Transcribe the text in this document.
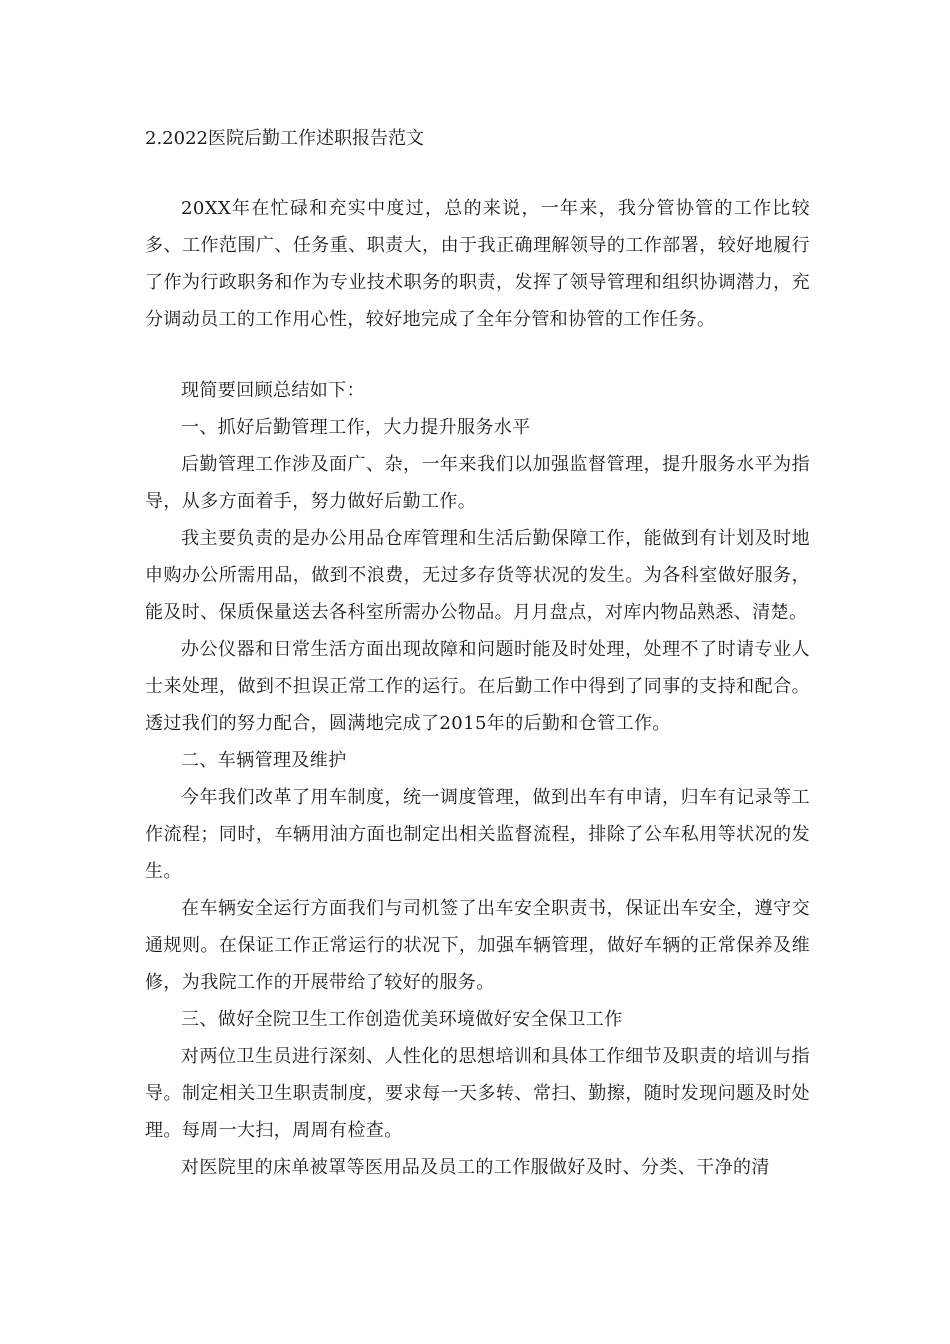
2.2022医院后勤工作述职报告范文

20XX年在忙碌和充实中度过，总的来说，一年来，我分管协管的工作比较多、工作范围广、任务重、职责大，由于我正确理解领导的工作部署，较好地履行了作为行政职务和作为专业技术职务的职责，发挥了领导管理和组织协调潜力，充分调动员工的工作用心性，较好地完成了全年分管和协管的工作任务。

现简要回顾总结如下：

一、抓好后勤管理工作，大力提升服务水平

后勤管理工作涉及面广、杂，一年来我们以加强监督管理，提升服务水平为指导，从多方面着手，努力做好后勤工作。

我主要负责的是办公用品仓库管理和生活后勤保障工作，能做到有计划及时地申购办公所需用品，做到不浪费，无过多存货等状况的发生。为各科室做好服务，能及时、保质保量送去各科室所需办公物品。月月盘点，对库内物品熟悉、清楚。

办公仪器和日常生活方面出现故障和问题时能及时处理，处理不了时请专业人士来处理，做到不担误正常工作的运行。在后勤工作中得到了同事的支持和配合。透过我们的努力配合，圆满地完成了2015年的后勤和仓管工作。

二、车辆管理及维护

今年我们改革了用车制度，统一调度管理，做到出车有申请，归车有记录等工作流程；同时，车辆用油方面也制定出相关监督流程，排除了公车私用等状况的发生。

在车辆安全运行方面我们与司机签了出车安全职责书，保证出车安全，遵守交通规则。在保证工作正常运行的状况下，加强车辆管理，做好车辆的正常保养及维修，为我院工作的开展带给了较好的服务。

三、做好全院卫生工作创造优美环境做好安全保卫工作

对两位卫生员进行深刻、人性化的思想培训和具体工作细节及职责的培训与指导。制定相关卫生职责制度，要求每一天多转、常扫、勤擦，随时发现问题及时处理。每周一大扫，周周有检查。

对医院里的床单被罩等医用品及员工的工作服做好及时、分类、干净的清
